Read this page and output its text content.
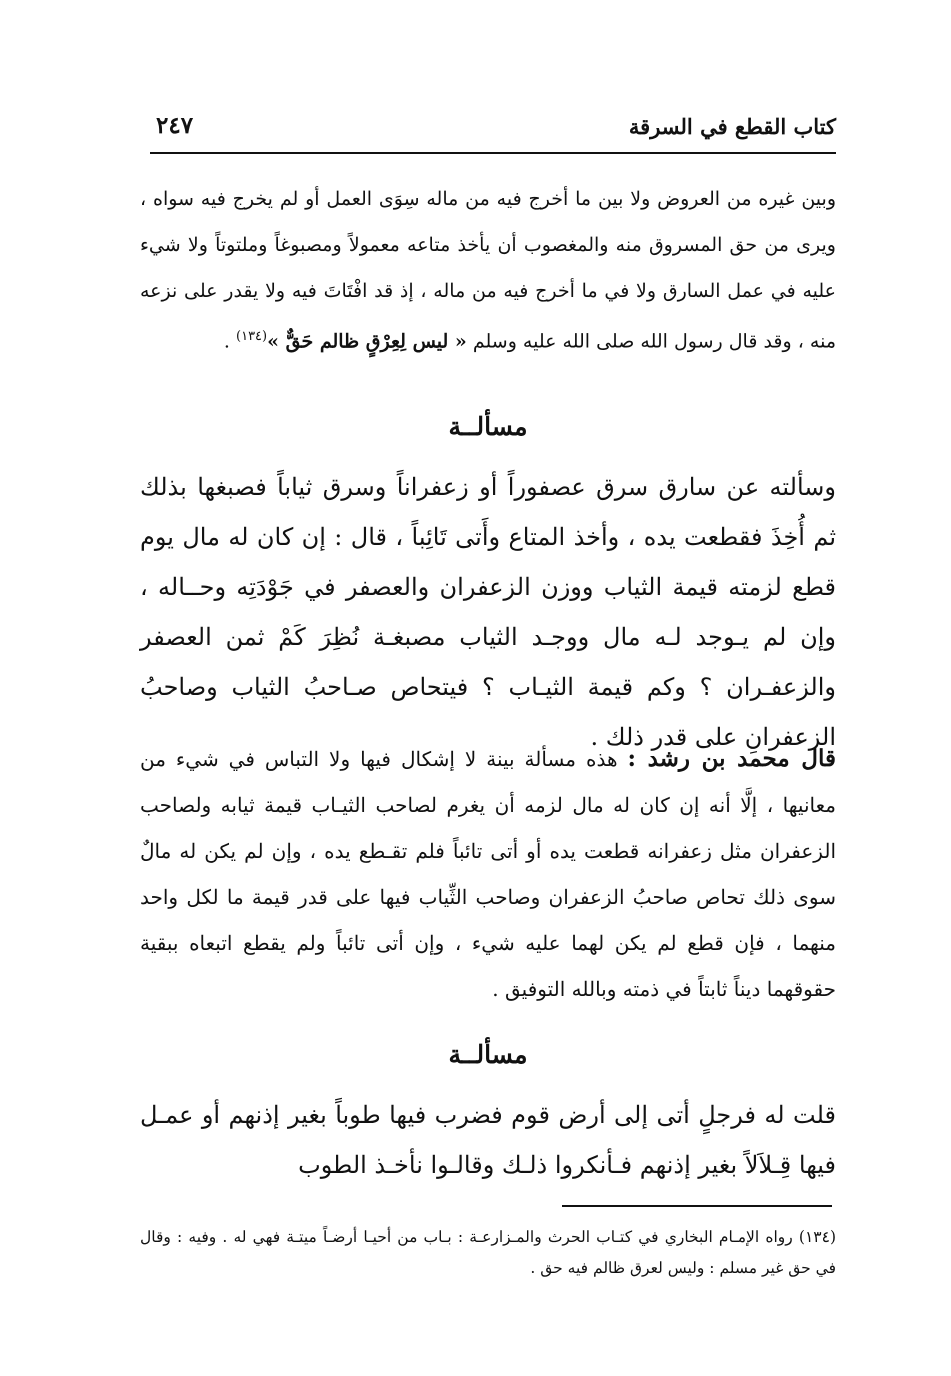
كتاب القطع في السرقة
٢٤٧

وبين غيره من العروض ولا بين ما أخرج فيه من ماله سِوَى العمل أو لم يخرج فيه سواه ، ويرى من حق المسروق منه والمغصوب أن يأخذ متاعه معمولاً ومصبوغاً وملتوتاً ولا شيء عليه في عمل السارق ولا في ما أخرج فيه من ماله ، إذ قد افْتَاتَ فيه ولا يقدر على نزعه منه ، وقد قال رسول الله صلى الله عليه وسلم « ليس لِعِرْقٍ ظالم حَقٌّ »$^{(١٣٤)}$ .

مسألــة

وسألته عن سارق سرق عصفوراً أو زعفراناً وسرق ثياباً فصبغها بذلك ثم أُخِذَ فقطعت يده ، وأخذ المتاع وأَتى تَائِباً ، قال : إن كان له مال يوم قطع لزمته قيمة الثياب ووزن الزعفران والعصفر في جَوْدَتِه وحــاله ، وإن لم يـوجد لـه مال ووجـد الثياب مصبغـة نُظِرَ كَمْ ثمن العصفر والزعفـران ؟ وكم قيمة الثيـاب ؟ فيتحاص صـاحبُ الثياب وصاحبُ الزعفرانِ على قدر ذلك .

قال محمد بن رشد : هذه مسألة بينة لا إشكال فيها ولا التباس في شيء من معانيها ، إلَّا أنه إن كان له مال لزمه أن يغرم لصاحب الثيـاب قيمة ثيابه ولصاحب الزعفران مثل زعفرانه قطعت يده أو أتى تائباً فلم تقـطع يده ، وإن لم يكن له مالٌ سوى ذلك تحاص صاحبُ الزعفران وصاحب الثِّياب فيها على قدر قيمة ما لكل واحد منهما ، فإن قطع لم يكن لهما عليه شيء ، وإن أتى تائباً ولم يقطع اتبعاه ببقية حقوقهما ديناً ثابتاً في ذمته وبالله التوفيق .

مسألــة

قلت له فرجلٍ أتى إلى أرض قوم فضرب فيها طوباً بغير إذنهم أو عمـل فيها قِـلاَلاً بغير إذنهم فـأنكروا ذلـك وقالـوا نأخـذ الطوب

(١٣٤) رواه الإمـام البخاري في كتـاب الحرث والمـزارعـة : بـاب من أحيـا أرضـاً ميتـة فهي له . وفيه : وقال في حق غير مسلم : وليس لعرق ظالم فيه حق .
